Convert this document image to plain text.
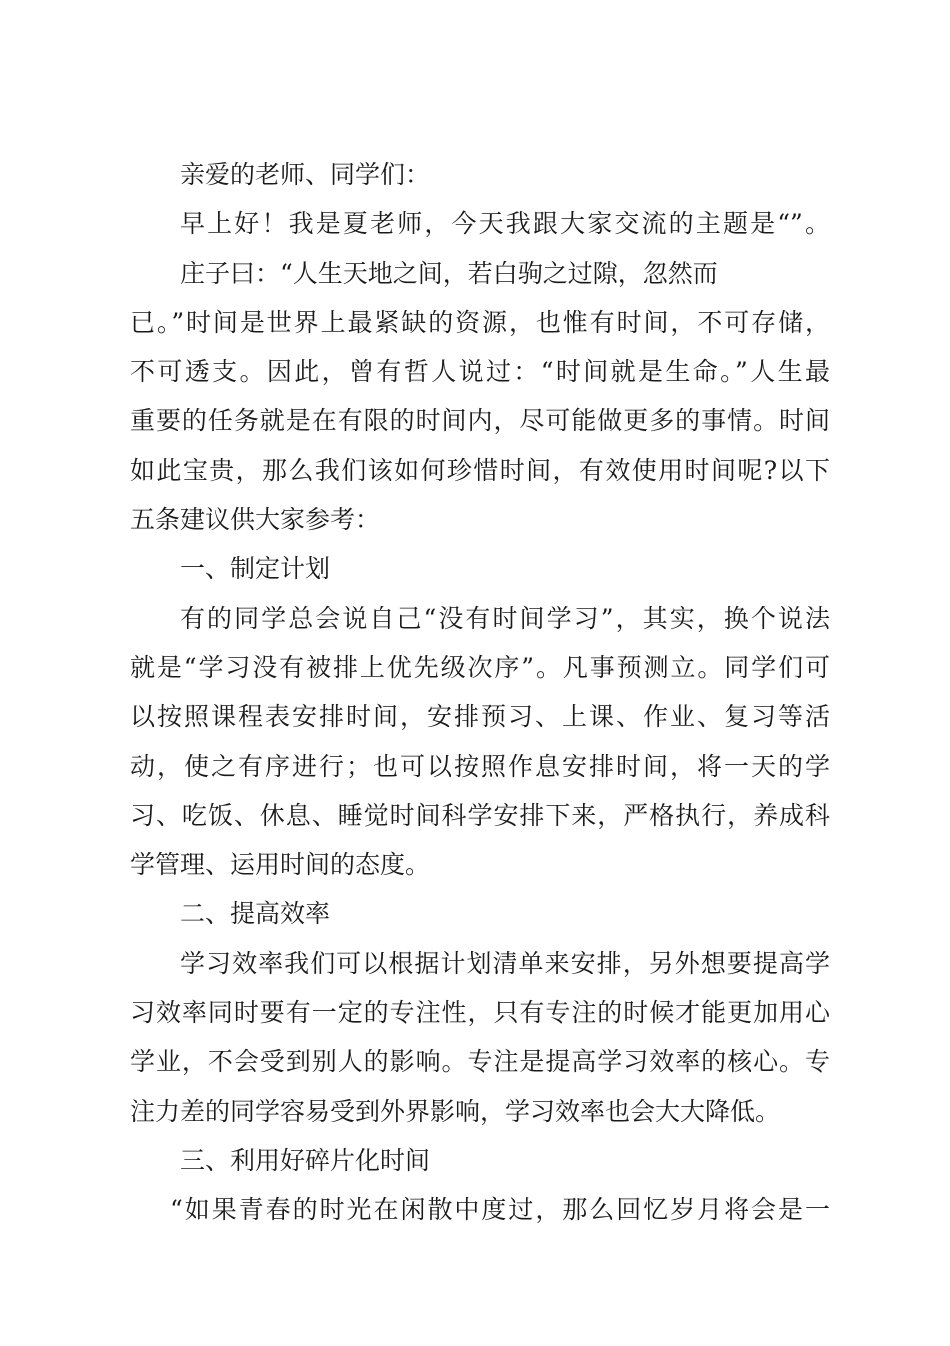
亲爱的老师、同学们：
早上好！我是夏老师，今天我跟大家交流的主题是“”。
庄子曰：“人生天地之间，若白驹之过隙，忽然而
已。”时间是世界上最紧缺的资源，也惟有时间，不可存储，
不可透支。因此，曾有哲人说过：“时间就是生命。”人生最
重要的任务就是在有限的时间内，尽可能做更多的事情。时间
如此宝贵，那么我们该如何珍惜时间，有效使用时间呢?以下
五条建议供大家参考：
一、制定计划
有的同学总会说自己“没有时间学习”，其实，换个说法
就是“学习没有被排上优先级次序”。凡事预测立。同学们可
以按照课程表安排时间，安排预习、上课、作业、复习等活
动，使之有序进行；也可以按照作息安排时间，将一天的学
习、吃饭、休息、睡觉时间科学安排下来，严格执行，养成科
学管理、运用时间的态度。
二、提高效率
学习效率我们可以根据计划清单来安排，另外想要提高学
习效率同时要有一定的专注性，只有专注的时候才能更加用心
学业，不会受到别人的影响。专注是提高学习效率的核心。专
注力差的同学容易受到外界影响，学习效率也会大大降低。
三、利用好碎片化时间
“如果青春的时光在闲散中度过，那么回忆岁月将会是一
